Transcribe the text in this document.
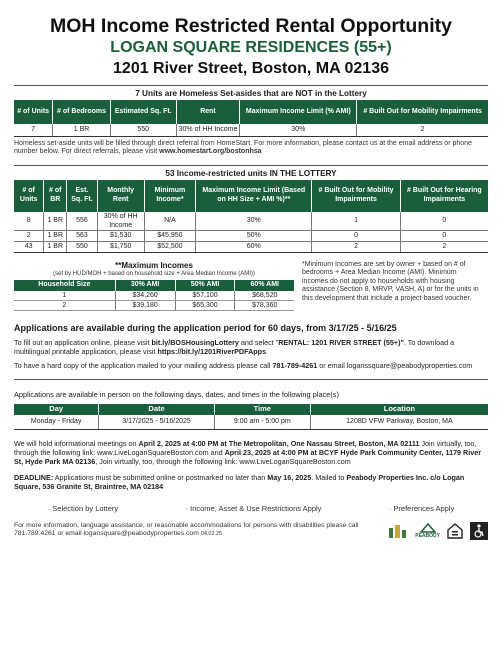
MOH Income Restricted Rental Opportunity
LOGAN SQUARE RESIDENCES (55+)
1201 River Street, Boston, MA 02136
7 Units are Homeless Set-asides that are NOT in the Lottery
# of Units	# of Bedrooms	Estimated Sq. Ft.	Rent	Maximum Income Limit (% AMI)	# Built Out for Mobility Impairments
7	1 BR	550	30% of HH Income	30%	2
Homeless set-aside units will be filled through direct referral from HomeStart. For more information, please contact us at the email address or phone number below. For direct referrals, please visit www.homestart.org/bostonhsa
53 Income-restricted units IN THE LOTTERY
# of Units	# of BR	Est. Sq. Ft.	Monthly Rent	Minimum Income*	Maximum Income Limit (Based on HH Size + AMI %)**	# Built Out for Mobility Impairments	# Built Out for Hearing Impairments
8	1 BR	556	30% of HH Income	N/A	30%	1	0
2	1 BR	563	$1,530	$45,950	50%	0	0
43	1 BR	550	$1,750	$52,500	60%	2	2
**Maximum Incomes
(set by HUD/MOH + based on household size + Area Median Income (AMI))
Household Size	30% AMI	50% AMI	60% AMI
1	$34,260	$57,100	$68,520
2	$39,180	$65,300	$78,360
*Minimum Incomes are set by owner + based on # of bedrooms + Area Median Income (AMI). Minimum incomes do not apply to households with housing assistance (Section 8, MRVP, VASH, A) or for the units in this development that include a project-based voucher.
Applications are available during the application period for 60 days, from 3/17/25 - 5/16/25
To fill out an application online, please visit bit.ly/BOSHousingLottery and select "RENTAL: 1201 RIVER STREET (55+)". To download a multilingual printable application, please visit https://bit.ly/1201RiverPDFApps
To have a hard copy of the application mailed to your mailing address please call 781-789-4261 or email loganssquare@peabodyproperties.com
Applications are available in person on the following days, dates, and times in the following place(s)
Day	Date	Time	Location
Monday - Friday	3/17/2025 - 5/16/2025	9:00 am - 5:00 pm	1208D VFW Parkway, Boston, MA
We will hold informational meetings on April 2, 2025 at 4:00 PM at The Metropolitan, One Nassau Street, Boston, MA 02111 Join virtually, too, through the following link: www.LiveLoganSquareBoston.com and April 23, 2025 at 4:00 PM at BCYF Hyde Park Community Center, 1179 River St, Hyde Park MA 02136, Join virtually, too, through the following link: www.LiveLoganSquareBoston.com
DEADLINE: Applications must be submitted online or postmarked no later than May 16, 2025. Mailed to Peabody Properties Inc. c/o Logan Square, 536 Granite St, Braintree, MA 02184
· Selection by Lottery	· Income, Asset & Use Restrictions Apply	· Preferences Apply
For more information, language assistance, or reasonable accommodations for persons with disabilities please call 781.789.4261 or email logansquare@peabodyproperties.com 04.02.25	PEABODY
